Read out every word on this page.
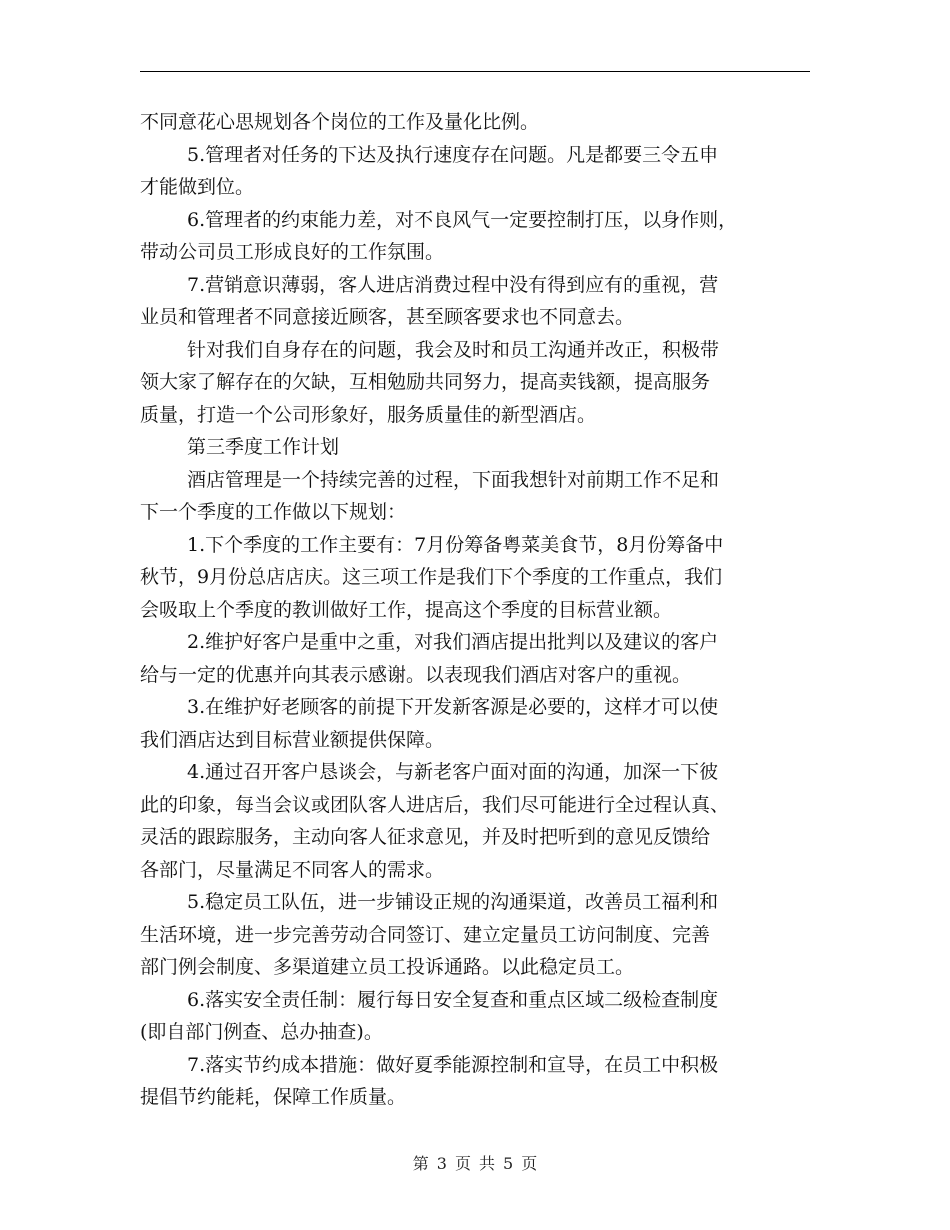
不同意花心思规划各个岗位的工作及量化比例。
5.管理者对任务的下达及执行速度存在问题。凡是都要三令五申
才能做到位。
6.管理者的约束能力差，对不良风气一定要控制打压，以身作则，
带动公司员工形成良好的工作氛围。
7.营销意识薄弱，客人进店消费过程中没有得到应有的重视，营
业员和管理者不同意接近顾客，甚至顾客要求也不同意去。
针对我们自身存在的问题，我会及时和员工沟通并改正，积极带
领大家了解存在的欠缺，互相勉励共同努力，提高卖钱额，提高服务
质量，打造一个公司形象好，服务质量佳的新型酒店。
第三季度工作计划
酒店管理是一个持续完善的过程，下面我想针对前期工作不足和
下一个季度的工作做以下规划：
1.下个季度的工作主要有：7月份筹备粤菜美食节，8月份筹备中
秋节，9月份总店店庆。这三项工作是我们下个季度的工作重点，我们
会吸取上个季度的教训做好工作，提高这个季度的目标营业额。
2.维护好客户是重中之重，对我们酒店提出批判以及建议的客户
给与一定的优惠并向其表示感谢。以表现我们酒店对客户的重视。
3.在维护好老顾客的前提下开发新客源是必要的，这样才可以使
我们酒店达到目标营业额提供保障。
4.通过召开客户恳谈会，与新老客户面对面的沟通，加深一下彼
此的印象，每当会议或团队客人进店后，我们尽可能进行全过程认真、
灵活的跟踪服务，主动向客人征求意见，并及时把听到的意见反馈给
各部门，尽量满足不同客人的需求。
5.稳定员工队伍，进一步铺设正规的沟通渠道，改善员工福利和
生活环境，进一步完善劳动合同签订、建立定量员工访问制度、完善
部门例会制度、多渠道建立员工投诉通路。以此稳定员工。
6.落实安全责任制：履行每日安全复查和重点区域二级检查制度
(即自部门例查、总办抽查)。
7.落实节约成本措施：做好夏季能源控制和宣导，在员工中积极
提倡节约能耗，保障工作质量。
第 3 页 共 5 页
